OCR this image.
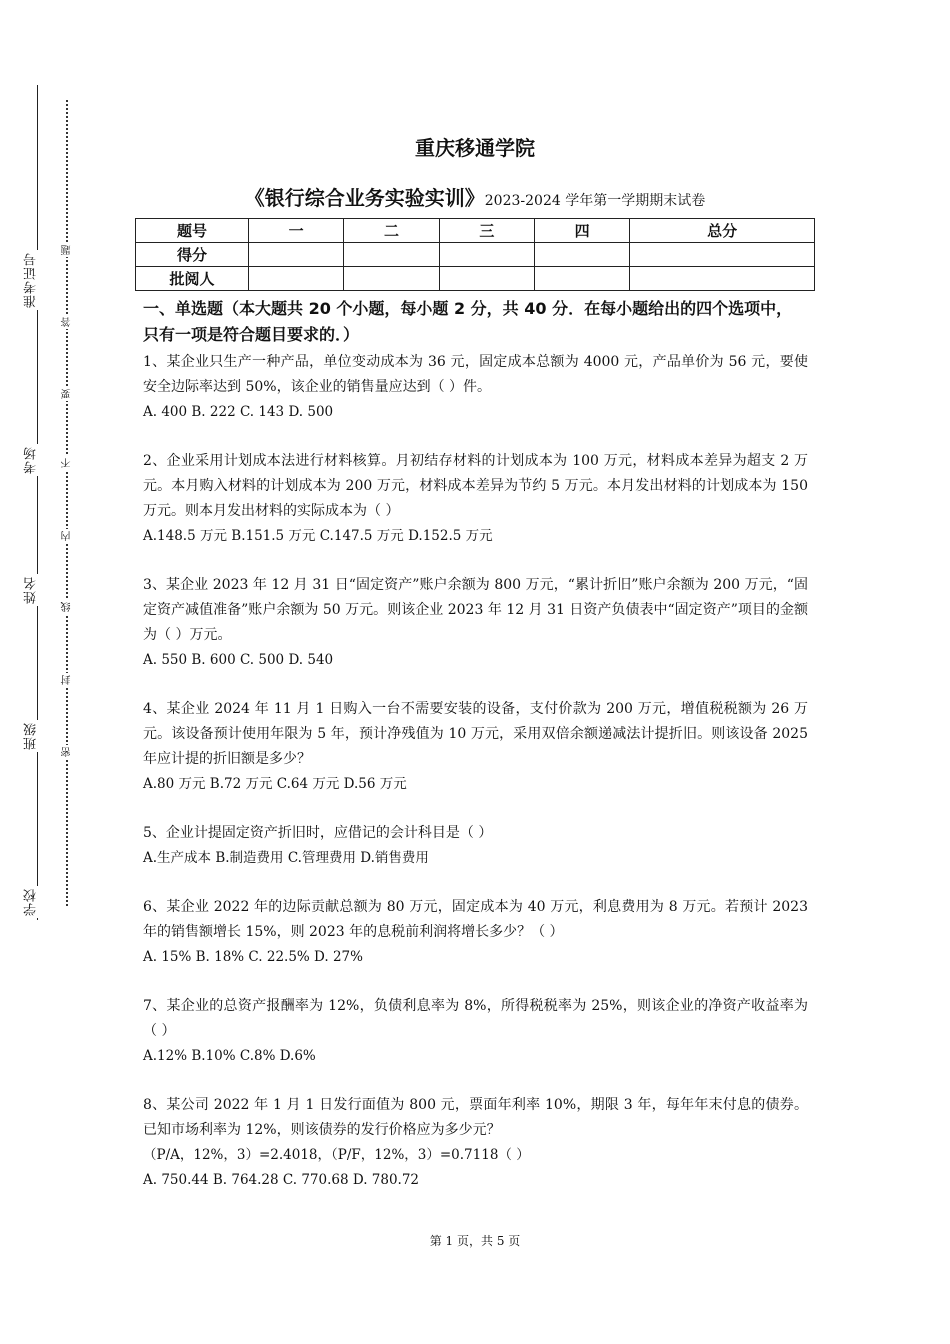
准考证号
考场
姓名
班级
学校
题
答
要
不
内
线
封
密
重庆移通学院
《银行综合业务实验实训》2023-2024 学年第一学期期末试卷
题号	一	二	三	四	总分
得分					
批阅人					
一、单选题（本大题共 20 个小题，每小题 2 分，共 40 分．在每小题给出的四个选项中，只有一项是符合题目要求的．）
1、某企业只生产一种产品，单位变动成本为 36 元，固定成本总额为 4000 元，产品单价为 56 元，要使安全边际率达到 50%，该企业的销售量应达到（ ）件。
A. 400 B. 222 C. 143 D. 500
2、企业采用计划成本法进行材料核算。月初结存材料的计划成本为 100 万元，材料成本差异为超支 2 万元。本月购入材料的计划成本为 200 万元，材料成本差异为节约 5 万元。本月发出材料的计划成本为 150 万元。则本月发出材料的实际成本为（ ）
A.148.5 万元 B.151.5 万元 C.147.5 万元 D.152.5 万元
3、某企业 2023 年 12 月 31 日“固定资产”账户余额为 800 万元，“累计折旧”账户余额为 200 万元，“固定资产减值准备”账户余额为 50 万元。则该企业 2023 年 12 月 31 日资产负债表中“固定资产”项目的金额为（ ）万元。
A. 550 B. 600 C. 500 D. 540
4、某企业 2024 年 11 月 1 日购入一台不需要安装的设备，支付价款为 200 万元，增值税税额为 26 万元。该设备预计使用年限为 5 年，预计净残值为 10 万元，采用双倍余额递减法计提折旧。则该设备 2025 年应计提的折旧额是多少？
A.80 万元 B.72 万元 C.64 万元 D.56 万元
5、企业计提固定资产折旧时，应借记的会计科目是（ ）
A.生产成本 B.制造费用 C.管理费用 D.销售费用
6、某企业 2022 年的边际贡献总额为 80 万元，固定成本为 40 万元，利息费用为 8 万元。若预计 2023 年的销售额增长 15%，则 2023 年的息税前利润将增长多少？（ ）
A. 15% B. 18% C. 22.5% D. 27%
7、某企业的总资产报酬率为 12%，负债利息率为 8%，所得税税率为 25%，则该企业的净资产收益率为（ ）
A.12% B.10% C.8% D.6%
8、某公司 2022 年 1 月 1 日发行面值为 800 元，票面年利率 10%，期限 3 年，每年年末付息的债券。已知市场利率为 12%，则该债券的发行价格应为多少元？
（P/A，12%，3）=2.4018，（P/F，12%，3）=0.7118（ ）
A. 750.44 B. 764.28 C. 770.68 D. 780.72
第 1 页，共 5 页
